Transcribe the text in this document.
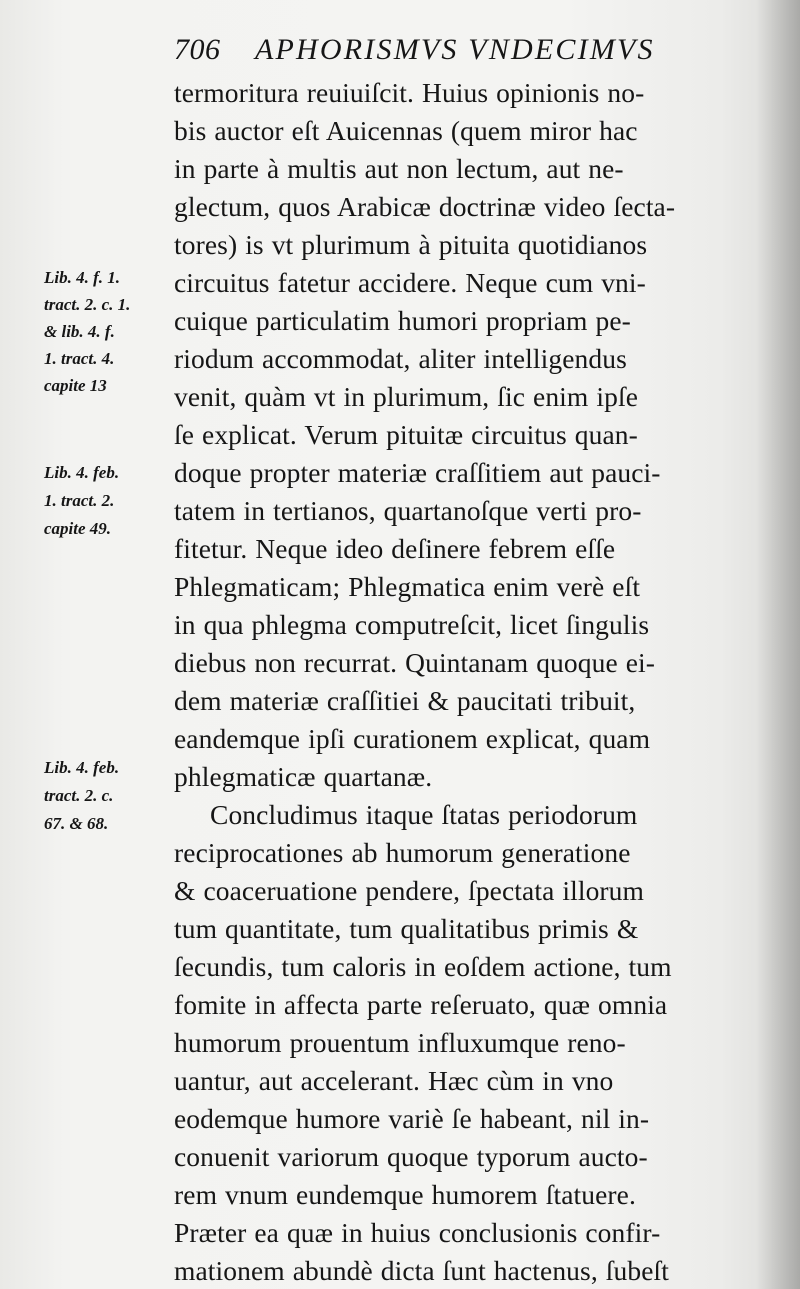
706 APHORISMVS VNDECIMVS
termoritura reuiuiſcit. Huius opinionis no-
bis auctor eſt Auicennas (quem miror hac
in parte à multis aut non lectum, aut ne-
glectum, quos Arabicæ doctrinæ video ſecta-
tores) is vt plurimum à pituita quotidianos
circuitus fatetur accidere. Neque cum vni-
cuique particulatim humori propriam pe-
riodum accommodat, aliter intelligendus
venit, quàm vt in plurimum, ſic enim ipſe
ſe explicat. Verum pituitæ circuitus quan-
doque propter materiæ craſſitiem aut pauci-
tatem in tertianos, quartanoſque verti pro-
fitetur. Neque ideo deſinere febrem eſſe
Phlegmaticam; Phlegmatica enim verè eſt
in qua phlegma computreſcit, licet ſingulis
diebus non recurrat. Quintanam quoque ei-
dem materiæ craſſitiei & paucitati tribuit,
eandemque ipſi curationem explicat, quam
phlegmaticæ quartanæ.
Concludimus itaque ſtatas periodorum
reciprocationes ab humorum generatione
& coaceruatione pendere, ſpectata illorum
tum quantitate, tum qualitatibus primis &
ſecundis, tum caloris in eoſdem actione, tum
fomite in affecta parte reſeruato, quæ omnia
humorum prouentum influxumque reno-
uantur, aut accelerant. Hæc cùm in vno
eodemque humore variè ſe habeant, nil in-
conuenit variorum quoque typorum aucto-
rem vnum eundemque humorem ſtatuere.
Præter ea quæ in huius conclusionis confir-
mationem abundè dicta ſunt hactenus, ſubeſt
Lib. 4. f. 1.
tract. 2. c. 1.
& lib. 4. f.
1. tract. 4.
capite 13
Lib. 4. feb.
1. tract. 2.
capite 49.
Lib. 4. feb.
tract. 2. c.
67. & 68.
